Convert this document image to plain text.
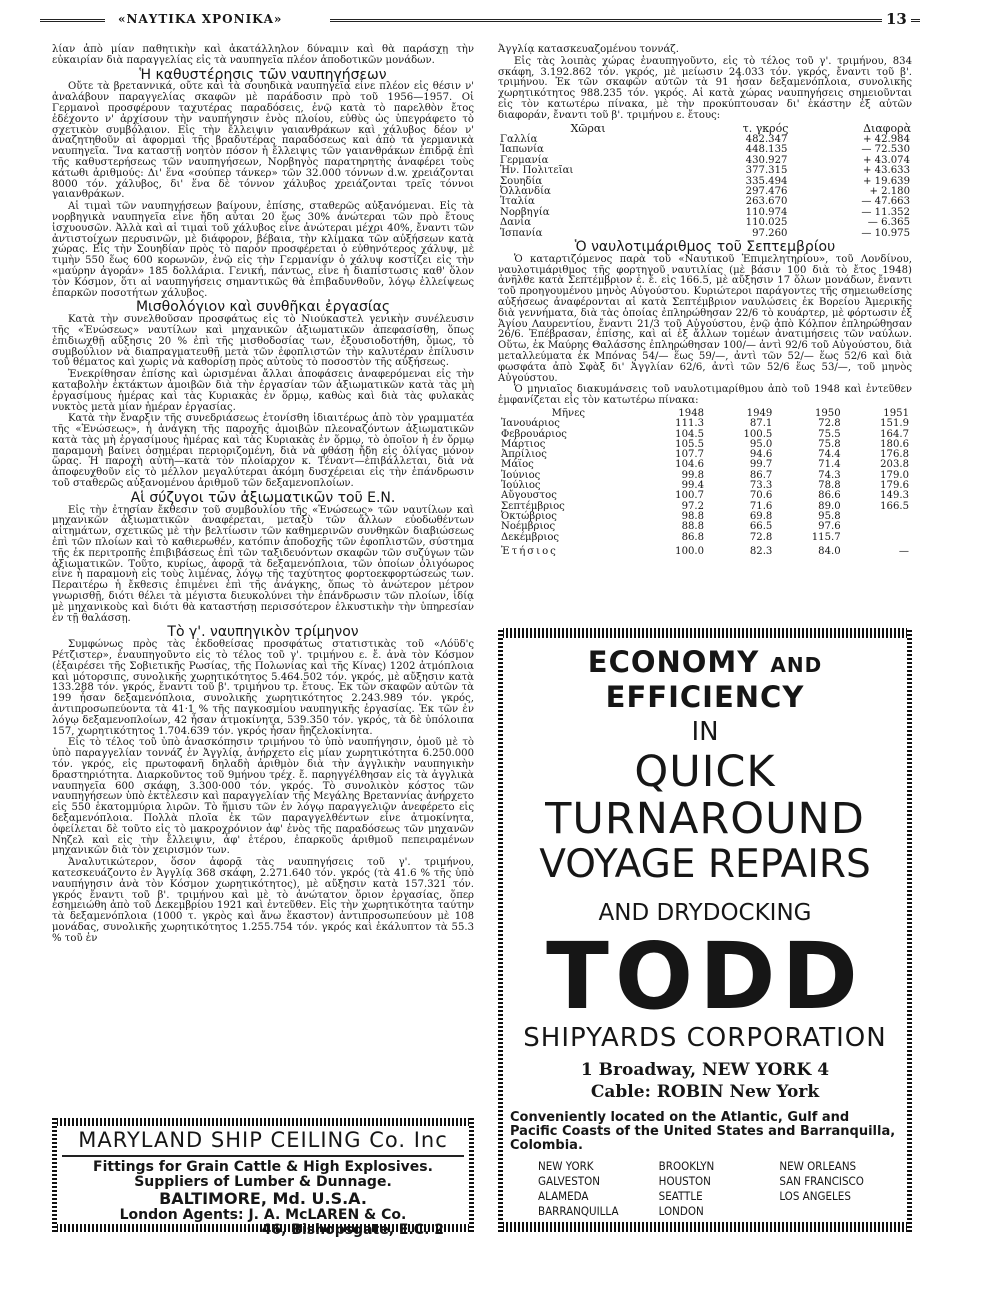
«ΝΑΥΤΙΚΑ ΧΡΟΝΙΚΑ»	13

λίαν ἀπὸ μίαν παθητικὴν καὶ ἀκατάλληλον δύναμιν καὶ θὰ παράσχῃ τὴν εὐκαιρίαν διὰ παραγγελίας εἰς τὰ ναυπηγεῖα πλέον ἀποδοτικῶν μονάδων.

Ἡ καθυστέρησις τῶν ναυπηγήσεων

Οὔτε τὰ βρεταννικά, οὔτε καὶ τὰ σουηδικὰ ναυπηγεῖα εἶνε πλέον εἰς θέσιν ν' ἀναλάβουν παραγγελίας σκαφῶν μὲ παράδοσιν πρὸ τοῦ 1956—1957. Οἱ Γερμανοὶ προσφέρουν ταχυτέρας παραδόσεις, ἐνῷ κατὰ τὸ παρελθὸν ἔτος ἐδέχοντο ν' ἀρχίσουν τὴν ναυπήγησιν ἑνὸς πλοίου, εὐθὺς ὡς ὑπεγράφετο τὸ σχετικὸν συμβόλαιον. Εἰς τὴν ἔλλειψιν γαιανθράκων καὶ χάλυβος δέον ν' ἀναζητηθοῦν αἱ ἀφορμαὶ τῆς βραδυτέρας παραδόσεως καὶ ἀπὸ τὰ γερμανικὰ ναυπηγεῖα. Ἵνα καταστῇ νοητὸν πόσον ἡ ἔλλειψις τῶν γαιανθράκων ἐπιδρᾷ ἐπὶ τῆς καθυστερήσεως τῶν ναυπηγήσεων, Νορβηγὸς παρατηρητὴς ἀναφέρει τοὺς κάτωθι ἀριθμούς: Δι' ἕνα «σούπερ τάνκερ» τῶν 32.000 τόννων d.w. χρειάζονται 8000 τόν. χάλυβος, δι' ἕνα δὲ τόννον χάλυβος χρειάζονται τρεῖς τόννοι γαιανθράκων.

Αἱ τιμαὶ τῶν ναυπηγήσεων βαίνουν, ἐπίσης, σταθερῶς αὐξανόμεναι. Εἰς τὰ νορβηγικὰ ναυπηγεῖα εἶνε ἤδη αὗται 20 ἕως 30% ἀνώτεραι τῶν πρὸ ἔτους ἰσχυουσῶν. Ἀλλὰ καὶ αἱ τιμαὶ τοῦ χάλυβος εἶνε ἀνώτεραι μέχρι 40%, ἔναντι τῶν ἀντιστοίχων περυσινῶν, μὲ διάφορον, βέβαια, τὴν κλίμακα τῶν αὐξήσεων κατὰ χώρας. Εἰς τὴν Σουηδίαν πρὸς τὸ παρὸν προσφέρεται ὁ εὐθηνότερος χάλυψ, μὲ τιμὴν 550 ἕως 600 κορωνῶν, ἐνῷ εἰς τὴν Γερμανίαν ὁ χάλυψ κοστίζει εἰς τὴν «μαύρην ἀγοράν» 185 δολλάρια. Γενική, πάντως, εἶνε ἡ διαπίστωσις καθ' ὅλον τὸν Κόσμον, ὅτι αἱ ναυπηγήσεις σημαντικῶς θὰ ἐπιβαδυνθοῦν, λόγῳ ἐλλείψεως ἐπαρκῶν ποσοτήτων χάλυβος.

Μισθολόγιον καὶ συνθῆκαι ἐργασίας

Κατὰ τὴν συνελθοῦσαν προσφάτως εἰς τὸ Νιούκαστελ γενικὴν συνέλευσιν τῆς «Ἑνώσεως» ναυτίλων καὶ μηχανικῶν ἀξιωματικῶν ἀπεφασίσθη, ὅπως ἐπιδιωχθῇ αὔξησις 20 % ἐπὶ τῆς μισθοδοσίας των, ἐξουσιοδοτήθη, ὅμως, τὸ συμβούλιον νὰ διαπραγματευθῇ μετὰ τῶν ἐφοπλιστῶν τὴν καλυτέραν ἐπίλυσιν τοῦ θέματος καὶ χωρὶς νὰ καθορίσῃ πρὸς αὐτοὺς τὸ ποσοστὸν τῆς αὐξήσεως.

Ἐνεκρίθησαν ἐπίσης καὶ ὡρισμέναι ἄλλαι ἀποφάσεις ἀναφερόμεναι εἰς τὴν καταβολὴν ἐκτάκτων ἀμοιβῶν διὰ τὴν ἐργασίαν τῶν ἀξιωματικῶν κατὰ τὰς μὴ ἐργασίμους ἡμέρας καὶ τὰς Κυριακὰς ἐν ὅρμῳ, καθὼς καὶ διὰ τὰς φυλακὰς νυκτὸς μετὰ μίαν ἡμέραν ἐργασίας.

Κατὰ τὴν ἔναρξιν τῆς συνεδριάσεως ἐτονίσθη ἰδιαιτέρως ἀπὸ τὸν γραμματέα τῆς «Ἑνώσεως», ἡ ἀνάγκη τῆς παροχῆς ἀμοιβῶν πλεοναζόντων ἀξιωματικῶν κατὰ τὰς μὴ ἐργασίμους ἡμέρας καὶ τὰς Κυριακὰς ἐν ὅρμῳ, τὸ ὁποῖον ἡ ἐν ὅρμῳ παραμονὴ βαίνει ὁσημέραι περιοριζομένη, διὰ νὰ φθάσῃ ἤδη εἰς ὀλίγας μόνον ὥρας. Ἡ παροχὴ αὐτὴ—κατὰ τὸν πλοίαρχον κ. Τέναντ—ἐπιβάλλεται, διὰ νὰ ἀποφευχθοῦν εἰς τὸ μέλλον μεγαλύτεραι ἀκόμη δυσχέρειαι εἰς τὴν ἐπάνδρωσιν τοῦ σταθερῶς αὐξανομένου ἀριθμοῦ τῶν δεξαμενοπλοίων.

Αἱ σύζυγοι τῶν ἀξιωματικῶν τοῦ Ε.Ν.

Εἰς τὴν ἐτησίαν ἔκθεσιν τοῦ συμβουλίου τῆς «Ἑνώσεως» τῶν ναυτίλων καὶ μηχανικῶν ἀξιωματικῶν ἀναφέρεται, μεταξὺ τῶν ἄλλων εὐοδωθέντων αἰτημάτων, σχετικῶς μὲ τὴν βελτίωσιν τῶν καθημερινῶν συνθηκῶν διαβιώσεως ἐπὶ τῶν πλοίων καὶ τὸ καθιερωθέν, κατόπιν ἀποδοχῆς τῶν ἐφοπλιστῶν, σύστημα τῆς ἐκ περιτροπῆς ἐπιβιβάσεως ἐπὶ τῶν ταξιδευόντων σκαφῶν τῶν συζύγων τῶν ἀξιωματικῶν. Τοῦτο, κυρίως, ἀφορᾷ τὰ δεξαμενόπλοια, τῶν ὁποίων ὀλιγόωρος εἶνε ἡ παραμονὴ εἰς τοὺς λιμένας, λόγῳ τῆς ταχύτητος φορτοεκφορτώσεώς των. Περαιτέρω ἡ ἔκθεσις ἐπιμένει ἐπὶ τῆς ἀνάγκης, ὅπως τὸ ἀνώτερον μέτρον γνωρισθῇ, διότι θέλει τὰ μέγιστα διευκολύνει τὴν ἐπάνδρωσιν τῶν πλοίων, ἰδίᾳ μὲ μηχανικοὺς καὶ διότι θὰ καταστήσῃ περισσότερον ἑλκυστικὴν τὴν ὑπηρεσίαν ἐν τῇ θαλάσσῃ.

Τὸ γ'. ναυπηγικὸν τρίμηνον

Συμφώνως πρὸς τὰς ἐκδοθείσας προσφάτως στατιστικὰς τοῦ «Λόϋδ'ς Ρέτζιστερ», ἐναυπηγοῦντο εἰς τὸ τέλος τοῦ γ'. τριμήνου ε. ἔ. ἀνὰ τὸν Κόσμον (ἐξαιρέσει τῆς Σοβιετικῆς Ρωσίας, τῆς Πολωνίας καὶ τῆς Κίνας) 1202 ἀτμόπλοια καὶ μότορσιπς, συνολικῆς χωρητικότητος 5.464.502 τόν. γκρός, μὲ αὔξησιν κατὰ 133.288 τόν. γκρός, ἔναντι τοῦ β'. τριμήνου τρ. ἔτους. Ἐκ τῶν σκαφῶν αὐτῶν τὰ 199 ἦσαν δεξαμενόπλοια, συνολικῆς χωρητικότητος 2.243.989 τόν. γκρός, ἀντιπροσωπεύοντα τὰ 41·1 % τῆς παγκοσμίου ναυπηγικῆς ἐργασίας. Ἐκ τῶν ἐν λόγῳ δεξαμενοπλοίων, 42 ἦσαν ἀτμοκίνητα, 539.350 τόν. γκρός, τὰ δὲ ὑπόλοιπα 157, χωρητικότητος 1.704.639 τόν. γκρός ἦσαν ἢηζελοκίνητα.

Εἰς τὸ τέλος τοῦ ὑπὸ ἀνασκόπησιν τριμήνου τὸ ὑπὸ ναυπήγησιν, ὁμοῦ μὲ τὸ ὑπὸ παραγγελίαν τοννάζ ἐν Ἀγγλίᾳ, ἀνήρχετο εἰς μίαν χωρητικότητα 6.250.000 τόν. γκρός, εἰς πρωτοφανῆ δηλαδὴ ἀριθμὸν διὰ τὴν ἀγγλικὴν ναυπηγικὴν δραστηριότητα. Διαρκοῦντος τοῦ 9μήνου τρέχ. ἔ. παρηγγέλθησαν εἰς τὰ ἀγγλικὰ ναυπηγεῖα 600 σκάφη, 3.300·000 τόν. γκρός. Τὸ συνολικὸν κόστος τῶν ναυπηγήσεων ὑπὸ ἐκτέλεσιν καὶ παραγγελίαν τῆς Μεγάλης Βρεταννίας ἀνήρχετο εἰς 550 ἑκατομμύρια λιρῶν. Τὸ ἥμισυ τῶν ἐν λόγῳ παραγγελιῶν ἀνεφέρετο εἰς δεξαμενόπλοια. Πολλὰ πλοῖα ἐκ τῶν παραγγελθέντων εἶνε ἀτμοκίνητα, ὀφείλεται δὲ τοῦτο εἰς τὸ μακροχρόνιον ἀφ' ἑνὸς τῆς παραδόσεως τῶν μηχανῶν Νηζελ καὶ εἰς τὴν ἔλλειψιν, ἀφ' ἑτέρου, ἐπαρκοῦς ἀριθμοῦ πεπειραμένων μηχανικῶν διὰ τὸν χειρισμόν των.

Ἀναλυτικώτερον, ὅσον ἀφορᾷ τὰς ναυπηγήσεις τοῦ γ'. τριμήνου, κατεσκευάζοντο ἐν Ἀγγλίᾳ 368 σκάφη, 2.271.640 τόν. γκρός (τὰ 41.6 % τῆς ὑπὸ ναυπήγησιν ἀνὰ τὸν Κόσμον χωρητικότητος), μὲ αὔξησιν κατὰ 157.321 τόν. γκρός ἔναντι τοῦ β'. τριμήνου καὶ μὲ τὸ ἀνώτατον ὅριον ἐργασίας, ὅπερ ἐσημειώθη ἀπὸ τοῦ Δεκεμβρίου 1921 καὶ ἐντεῦθεν. Εἰς τὴν χωρητικότητα ταύτην τὰ δεξαμενόπλοια (1000 τ. γκρὸς καὶ ἄνω ἕκαστον) ἀντιπροσωπεύουν μὲ 108 μονάδας, συνολικῆς χωρητικότητος 1.255.754 τόν. γκρός καὶ ἐκάλυπτον τὰ 55.3 % τοῦ ἐν

Ἀγγλίᾳ κατασκευαζομένου τοννάζ.

Εἰς τὰς λοιπὰς χώρας ἐναυπηγοῦντο, εἰς τὸ τέλος τοῦ γ'. τριμήνου, 834 σκάφη, 3.192.862 τόν. γκρός, μὲ μείωσιν 24.033 τόν. γκρός, ἔναντι τοῦ β'. τριμήνου. Ἐκ τῶν σκαφῶν αὐτῶν τὰ 91 ἦσαν δεξαμενόπλοια, συνολικῆς χωρητικότητος 988.235 τόν. γκρός. Αἱ κατὰ χώρας ναυπηγήσεις σημειοῦνται εἰς τὸν κατωτέρω πίνακα, μὲ τὴν προκύπτουσαν δι' ἑκάστην ἐξ αὐτῶν διαφοράν, ἔναντι τοῦ β'. τριμήνου ε. ἔτους:

Χῶραι	τ. γκρός	Διαφορὰ
Γαλλία	482.347	+ 42.984
Ἰαπωνία	448.135	— 72.530
Γερμανία	430.927	+ 43.074
Ἡν. Πολιτεῖαι	377.315	+ 43.633
Σουηδία	335.494	+ 19.639
Ὀλλανδία	297.476	+ 2.180
Ἰταλία	263.670	— 47.663
Νορβηγία	110.974	— 11.352
Δανία	110.025	— 6.365
Ἱσπανία	97.260	— 10.975
Ὁ ναυλοτιμάριθμος τοῦ Σεπτεμβρίου

Ὁ καταρτιζόμενος παρὰ τοῦ «Ναυτικοῦ Ἐπιμελητηρίου», τοῦ Λονδίνου, ναυλοτιμάριθμος τῆς φορτηγοῦ ναυτιλίας (μὲ βάσιν 100 διὰ τὸ ἔτος 1948) ἀνῆλθε κατὰ Σεπτέμβριον ἐ. ἔ. εἰς 166.5, μὲ αὔξησιν 17 ὅλων μονάδων, ἔναντι τοῦ προηγουμένου μηνὸς Αὐγούστου. Κυριώτεροι παράγοντες τῆς σημειωθείσης αὐξήσεως ἀναφέρονται αἱ κατὰ Σεπτέμβριον ναυλώσεις ἐκ Βορείου Ἀμερικῆς διὰ γεννήματα, διὰ τὰς ὁποίας ἐπληρώθησαν 22/6 τὸ κουάρτερ, μὲ φόρτωσιν ἐξ Ἁγίου Λαυρεντίου, ἔναντι 21/3 τοῦ Αὐγούστου, ἐνῷ ἀπὸ Κόλπον ἐπληρώθησαν 26/6. Ἐπέβρασαν, ἐπίσης, καὶ αἱ ἐξ ἄλλων τομέων ἀνατιμήσεις τῶν ναύλων. Οὕτω, ἐκ Μαύρης Θαλάσσης ἐπληρώθησαν 100/— ἀντὶ 92/6 τοῦ Αὐγούστου, διὰ μεταλλεύματα ἐκ Μπόνας 54/— ἕως 59/—, ἀντὶ τῶν 52/— ἕως 52/6 καὶ διὰ φωσφάτα ἀπὸ Σφὰξ δι' Ἀγγλίαν 62/6, ἀντὶ τῶν 52/6 ἕως 53/—, τοῦ μηνὸς Αὐγούστου.

Ὁ μηνιαῖος διακυμάνσεις τοῦ ναυλοτιμαρίθμου ἀπὸ τοῦ 1948 καὶ ἐντεῦθεν ἐμφανίζεται εἰς τὸν κατωτέρω πίνακα:

Μῆνες	1948	1949	1950	1951
Ἰανουάριος	111.3	87.1	72.8	151.9
Φεβρουάριος	104.5	100.5	75.5	164.7
Μάρτιος	105.5	95.0	75.8	180.6
Ἀπρίλιος	107.7	94.6	74.4	176.8
Μάϊος	104.6	99.7	71.4	203.8
Ἰούνιος	99.8	86.7	74.3	179.0
Ἰούλιος	99.4	73.3	78.8	179.6
Αὔγουστος	100.7	70.6	86.6	149.3
Σεπτέμβριος	97.2	71.6	89.0	166.5
Ὀκτώβριος	98.8	69.8	95.8	
Νοέμβριος	88.8	66.5	97.6	
Δεκέμβριος	86.8	72.8	115.7	
Ἐτήσιος	100.0	82.3	84.0	—
ECONOMY AND EFFICIENCY
IN
QUICK
TURNAROUND
VOYAGE REPAIRS
AND DRYDOCKING
TODD
SHIPYARDS CORPORATION
1 Broadway, NEW YORK 4
Cable: ROBIN New York
Conveniently located on the Atlantic, Gulf and Pacific Coasts of the United States and Barranquilla, Colombia.
NEW YORK	BROOKLYN	NEW ORLEANS
GALVESTON	HOUSTON	SAN FRANCISCO
ALAMEDA	SEATTLE	LOS ANGELES
BARRANQUILLA	LONDON
MARYLAND SHIP CEILING Co. Inc
Fittings for Grain Cattle & High Explosives.
Suppliers of Lumber & Dunnage.
BALTIMORE, Md. U.S.A.
London Agents: J. A. McLAREN & Co.
46, Bishopsgate, E.C. 2
